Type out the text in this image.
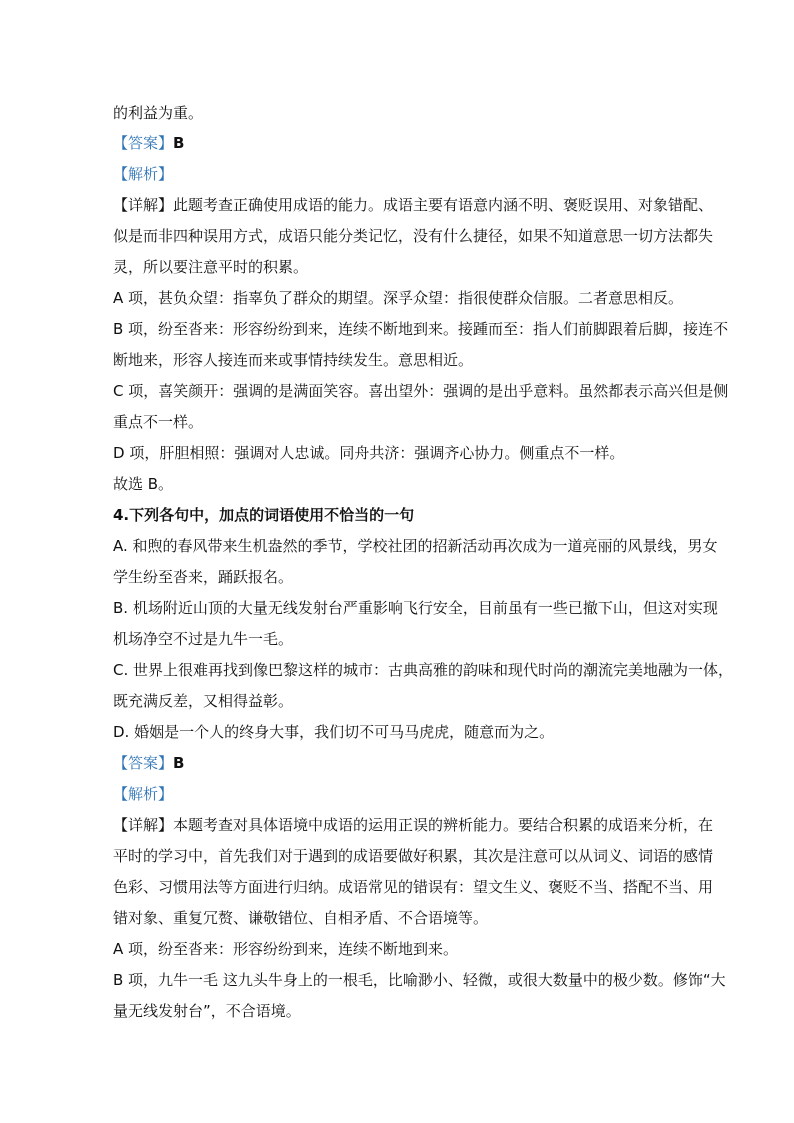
的利益为重。
【答案】B
【解析】
【详解】此题考查正确使用成语的能力。成语主要有语意内涵不明、褒贬误用、对象错配、
似是而非四种误用方式，成语只能分类记忆，没有什么捷径，如果不知道意思一切方法都失
灵，所以要注意平时的积累。
A 项，甚负众望：指辜负了群众的期望。深孚众望：指很使群众信服。二者意思相反。
B 项，纷至沓来：形容纷纷到来，连续不断地到来。接踵而至：指人们前脚跟着后脚，接连不
断地来，形容人接连而来或事情持续发生。意思相近。
C 项，喜笑颜开：强调的是满面笑容。喜出望外：强调的是出乎意料。虽然都表示高兴但是侧
重点不一样。
D 项，肝胆相照：强调对人忠诚。同舟共济：强调齐心协力。侧重点不一样。
故选 B。
4.下列各句中，加点的词语使用不恰当的一句
A. 和煦的春风带来生机盎然的季节，学校社团的招新活动再次成为一道亮丽的风景线，男女
学生纷至沓来，踊跃报名。
B. 机场附近山顶的大量无线发射台严重影响飞行安全，目前虽有一些已撤下山，但这对实现
机场净空不过是九牛一毛。
C. 世界上很难再找到像巴黎这样的城市：古典高雅的韵味和现代时尚的潮流完美地融为一体，
既充满反差，又相得益彰。
D. 婚姻是一个人的终身大事，我们切不可马马虎虎，随意而为之。
【答案】B
【解析】
【详解】本题考查对具体语境中成语的运用正误的辨析能力。要结合积累的成语来分析，在
平时的学习中，首先我们对于遇到的成语要做好积累，其次是注意可以从词义、词语的感情
色彩、习惯用法等方面进行归纳。成语常见的错误有：望文生义、褒贬不当、搭配不当、用
错对象、重复冗赘、谦敬错位、自相矛盾、不合语境等。
A 项，纷至沓来：形容纷纷到来，连续不断地到来。
B 项，九牛一毛 这九头牛身上的一根毛，比喻渺小、轻微，或很大数量中的极少数。修饰“大
量无线发射台”，不合语境。
